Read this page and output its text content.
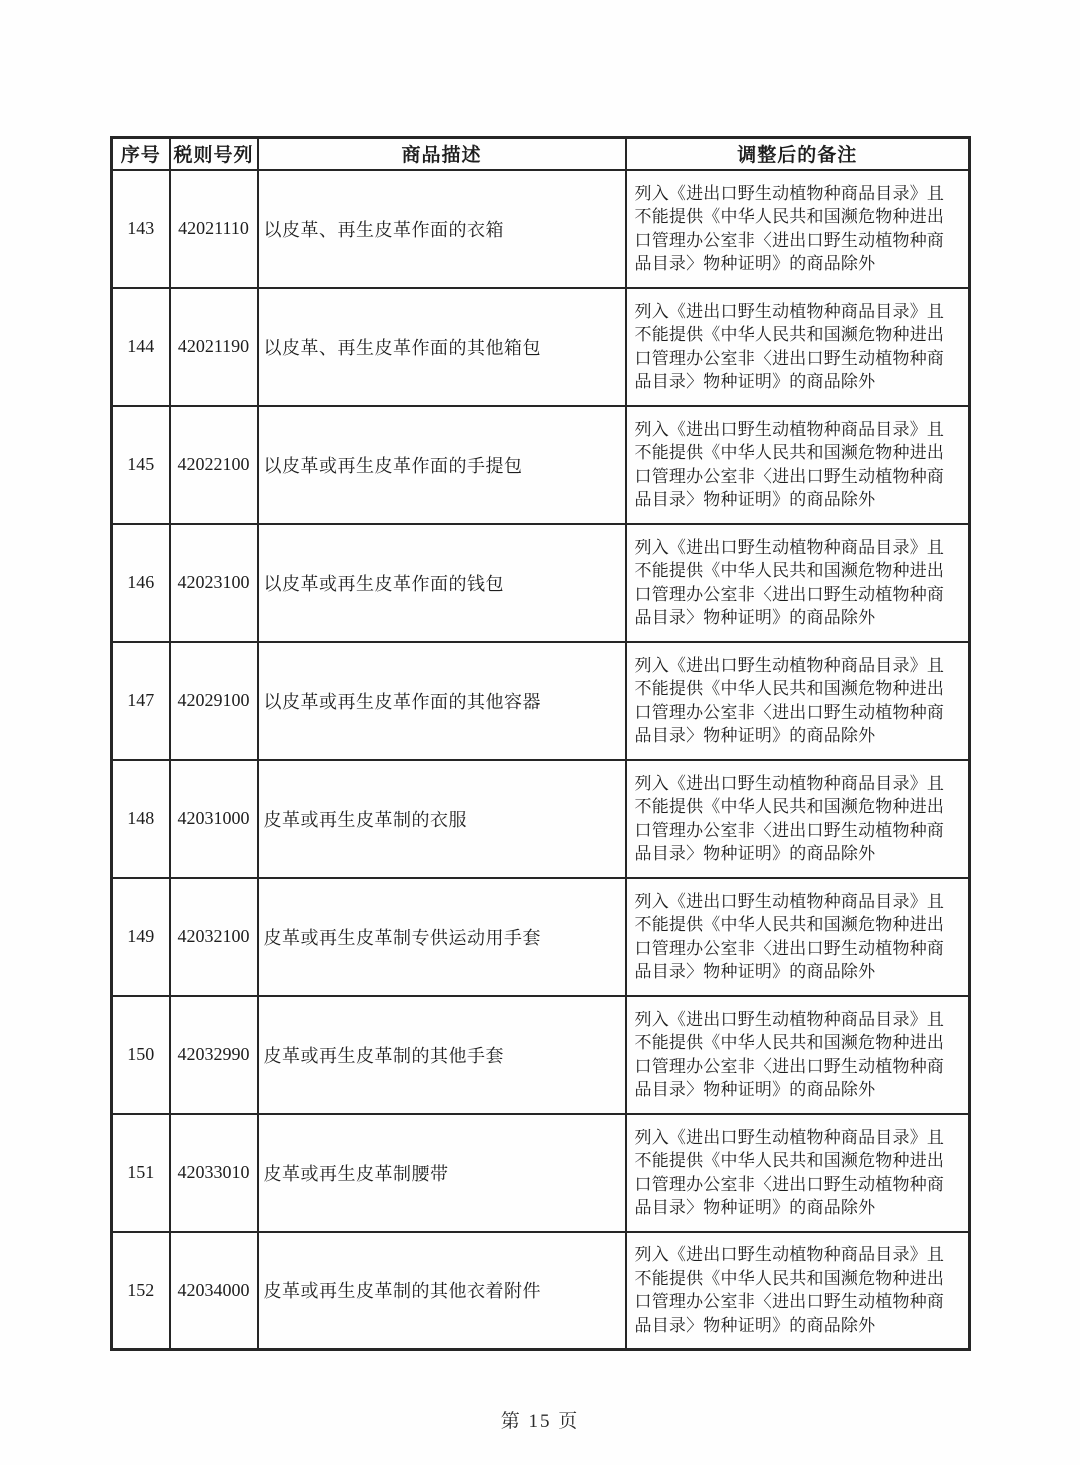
序号	税则号列	商品描述	调整后的备注
143	42021110	以皮革、再生皮革作面的衣箱	列入《进出口野生动植物种商品目录》且不能提供《中华人民共和国濒危物种进出口管理办公室非〈进出口野生动植物种商品目录〉物种证明》的商品除外
144	42021190	以皮革、再生皮革作面的其他箱包	列入《进出口野生动植物种商品目录》且不能提供《中华人民共和国濒危物种进出口管理办公室非〈进出口野生动植物种商品目录〉物种证明》的商品除外
145	42022100	以皮革或再生皮革作面的手提包	列入《进出口野生动植物种商品目录》且不能提供《中华人民共和国濒危物种进出口管理办公室非〈进出口野生动植物种商品目录〉物种证明》的商品除外
146	42023100	以皮革或再生皮革作面的钱包	列入《进出口野生动植物种商品目录》且不能提供《中华人民共和国濒危物种进出口管理办公室非〈进出口野生动植物种商品目录〉物种证明》的商品除外
147	42029100	以皮革或再生皮革作面的其他容器	列入《进出口野生动植物种商品目录》且不能提供《中华人民共和国濒危物种进出口管理办公室非〈进出口野生动植物种商品目录〉物种证明》的商品除外
148	42031000	皮革或再生皮革制的衣服	列入《进出口野生动植物种商品目录》且不能提供《中华人民共和国濒危物种进出口管理办公室非〈进出口野生动植物种商品目录〉物种证明》的商品除外
149	42032100	皮革或再生皮革制专供运动用手套	列入《进出口野生动植物种商品目录》且不能提供《中华人民共和国濒危物种进出口管理办公室非〈进出口野生动植物种商品目录〉物种证明》的商品除外
150	42032990	皮革或再生皮革制的其他手套	列入《进出口野生动植物种商品目录》且不能提供《中华人民共和国濒危物种进出口管理办公室非〈进出口野生动植物种商品目录〉物种证明》的商品除外
151	42033010	皮革或再生皮革制腰带	列入《进出口野生动植物种商品目录》且不能提供《中华人民共和国濒危物种进出口管理办公室非〈进出口野生动植物种商品目录〉物种证明》的商品除外
152	42034000	皮革或再生皮革制的其他衣着附件	列入《进出口野生动植物种商品目录》且不能提供《中华人民共和国濒危物种进出口管理办公室非〈进出口野生动植物种商品目录〉物种证明》的商品除外
第 15 页
